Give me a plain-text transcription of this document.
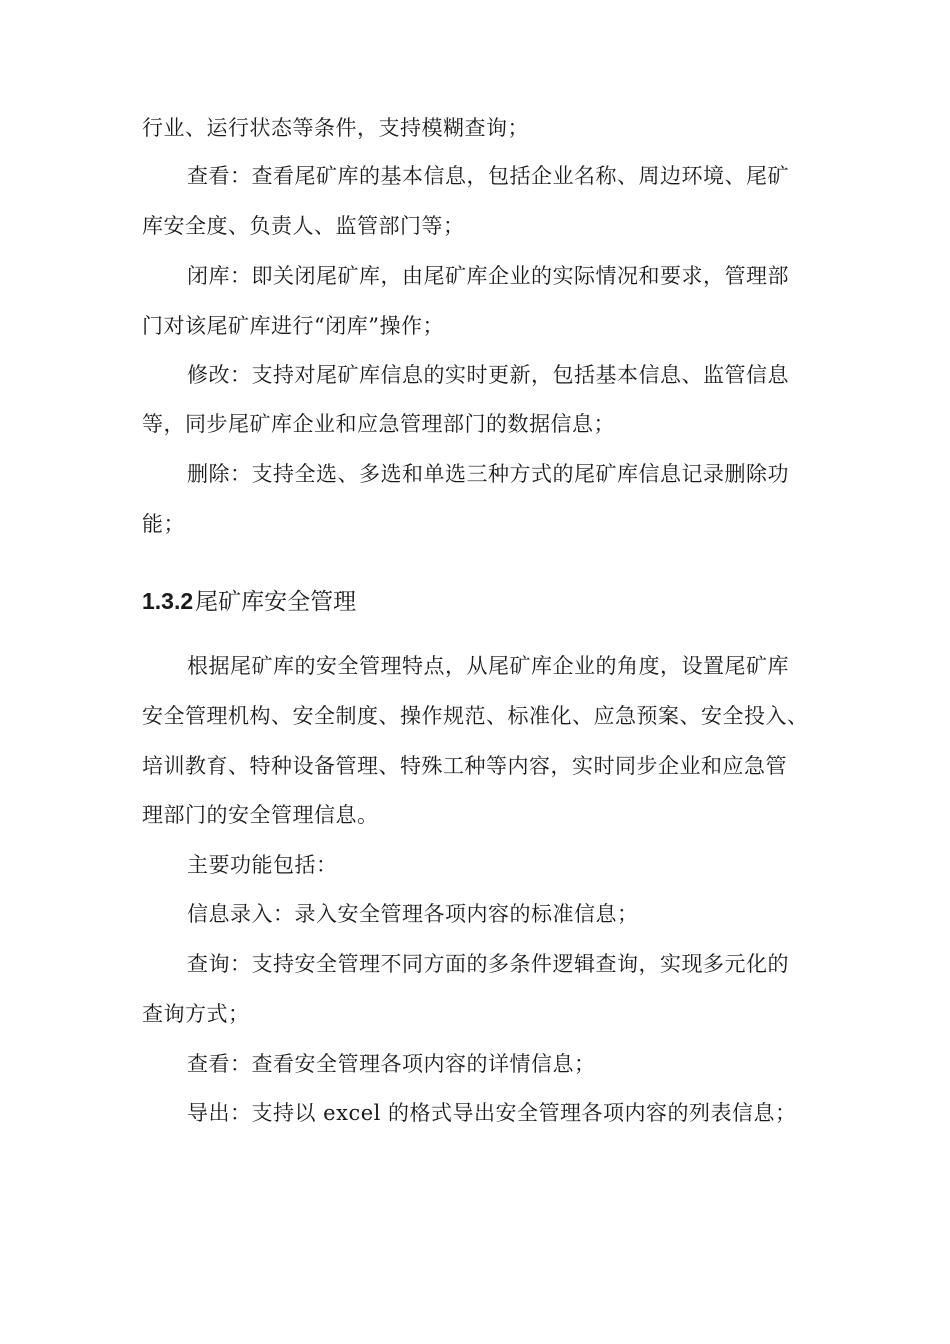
行业、运行状态等条件，支持模糊查询；
查看：查看尾矿库的基本信息，包括企业名称、周边环境、尾矿
库安全度、负责人、监管部门等；
闭库：即关闭尾矿库，由尾矿库企业的实际情况和要求，管理部
门对该尾矿库进行“闭库”操作；
修改：支持对尾矿库信息的实时更新，包括基本信息、监管信息
等，同步尾矿库企业和应急管理部门的数据信息；
删除：支持全选、多选和单选三种方式的尾矿库信息记录删除功
能；
1.3.2尾矿库安全管理
根据尾矿库的安全管理特点，从尾矿库企业的角度，设置尾矿库
安全管理机构、安全制度、操作规范、标准化、应急预案、安全投入、
培训教育、特种设备管理、特殊工种等内容，实时同步企业和应急管
理部门的安全管理信息。
主要功能包括：
信息录入：录入安全管理各项内容的标准信息；
查询：支持安全管理不同方面的多条件逻辑查询，实现多元化的
查询方式；
查看：查看安全管理各项内容的详情信息；
导出：支持以 excel 的格式导出安全管理各项内容的列表信息；
